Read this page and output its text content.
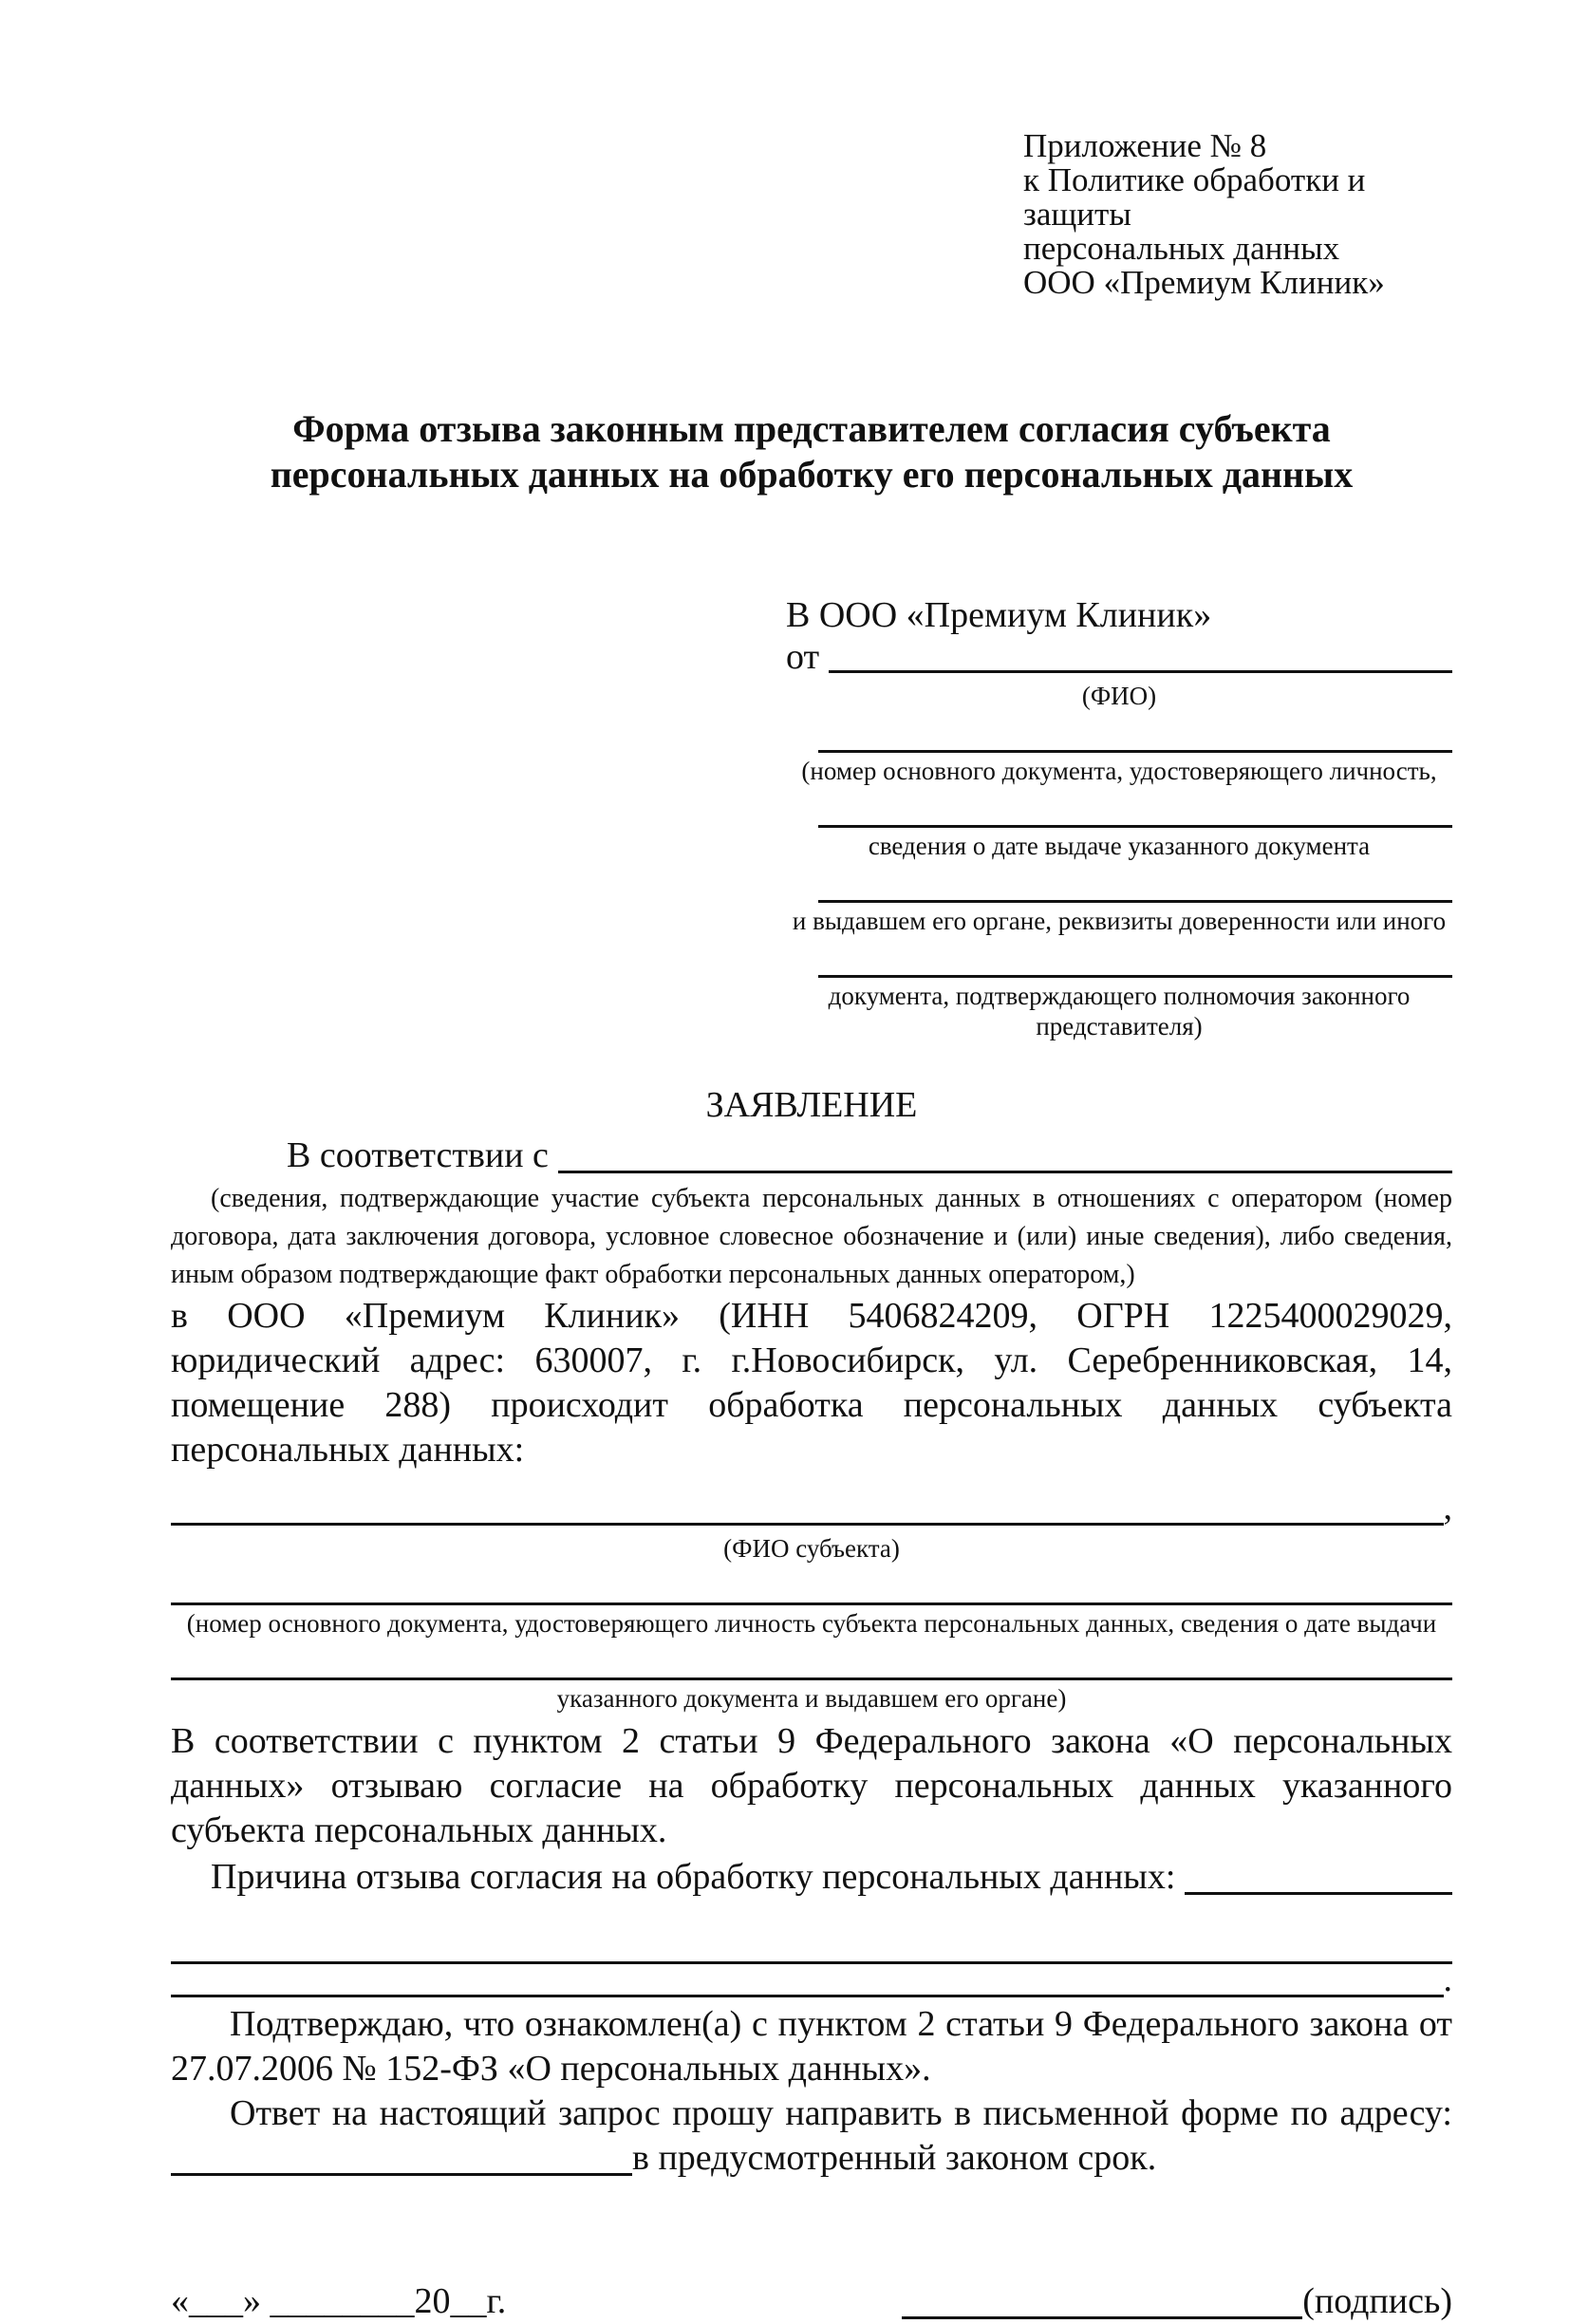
Приложение № 8
к Политике обработки и защиты
персональных данных
ООО «Премиум Клиник»
Форма отзыва законным представителем согласия субъекта персональных данных на обработку его персональных данных
В ООО «Премиум Клиник»
от
(ФИО)
(номер основного документа, удостоверяющего личность,
сведения о дате выдаче указанного документа
и выдавшем его органе, реквизиты доверенности или иного
документа, подтверждающего полномочия законного представителя)
ЗАЯВЛЕНИЕ
В соответствии с
(сведения, подтверждающие участие субъекта персональных данных в отношениях с оператором (номер договора, дата заключения договора, условное словесное обозначение и (или) иные сведения), либо сведения, иным образом подтверждающие факт обработки персональных данных оператором,)

в ООО «Премиум Клиник» (ИНН 5406824209, ОГРН 1225400029029, юридический адрес: 630007, г. г.Новосибирск, ул. Серебренниковская, 14, помещение 288) происходит обработка персональных данных субъекта персональных данных:

,
(ФИО субъекта)
(номер основного документа, удостоверяющего личность субъекта персональных данных, сведения о дате выдачи
указанного документа и выдавшем его органе)

В соответствии с пунктом 2 статьи 9 Федерального закона «О персональных данных» отзываю согласие на обработку персональных данных указанного субъекта персональных данных.

Причина отзыва согласия на обработку персональных данных:
.

Подтверждаю, что ознакомлен(а) с пунктом 2 статьи 9 Федерального закона от 27.07.2006 № 152-ФЗ «О персональных данных».

Ответ на настоящий запрос прошу направить в письменной форме по адресу:

в предусмотренный законом срок.
«___» ________20__г.	(подпись)
